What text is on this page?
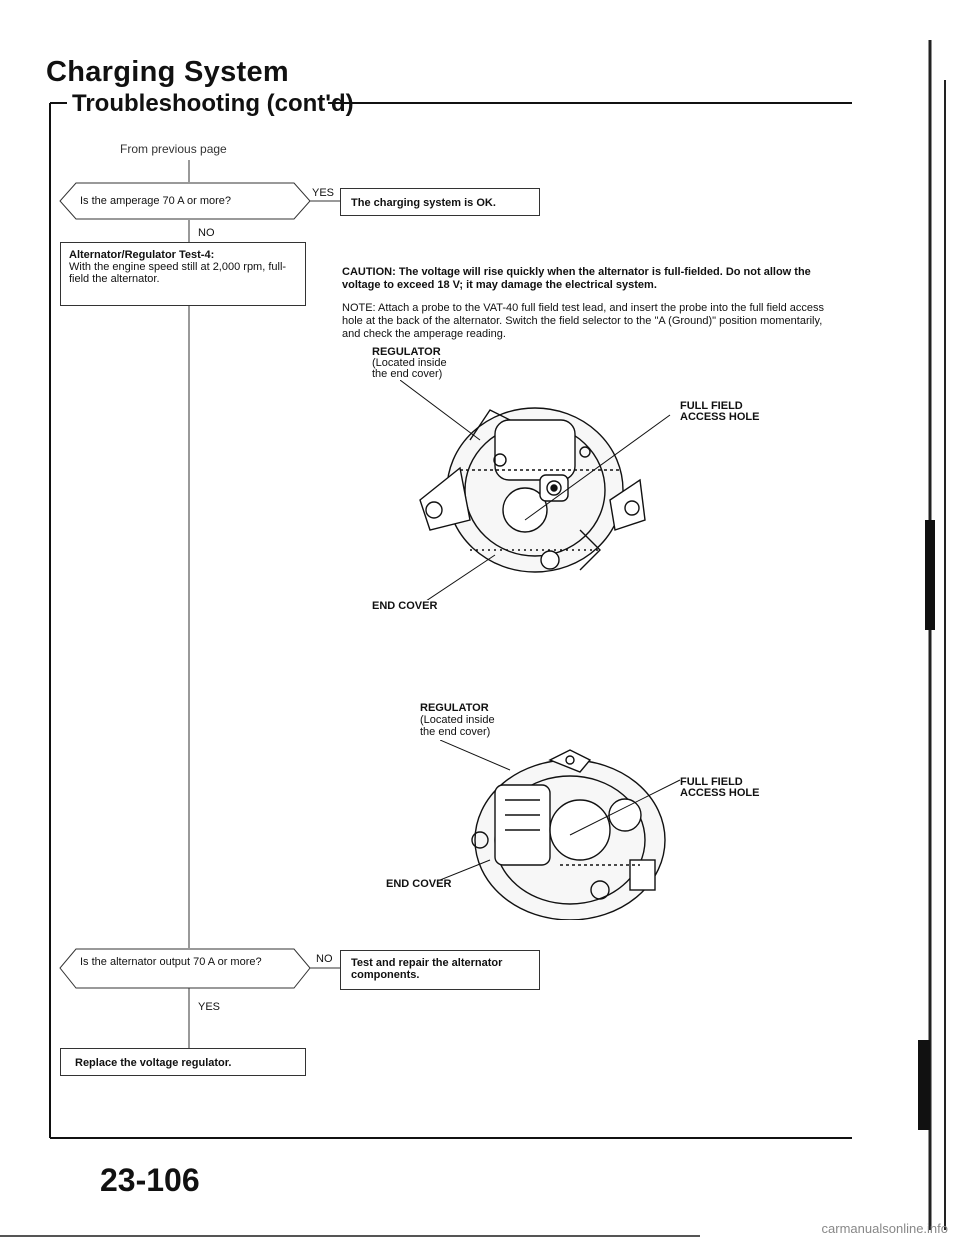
Charging System
Troubleshooting (cont'd)
From previous page
Is the amperage 70 A or more?
YES
The charging system is OK.
NO
Alternator/Regulator Test-4:
With the engine speed still at 2,000 rpm, full-field the alternator.
CAUTION: The voltage will rise quickly when the alternator is full-fielded. Do not allow the voltage to exceed 18 V; it may damage the electrical system.
NOTE: Attach a probe to the VAT-40 full field test lead, and insert the probe into the full field access hole at the back of the alternator. Switch the field selector to the "A (Ground)" position momentarily, and check the amperage reading.
REGULATOR
(Located inside
the end cover)
FULL FIELD
ACCESS HOLE
END COVER
REGULATOR
(Located inside
the end cover)
FULL FIELD
ACCESS HOLE
END COVER
Is the alternator output 70 A or more?	NO Test and repair the alternator components.
YES
Replace the voltage regulator.
23-106
carmanualsonline.info
